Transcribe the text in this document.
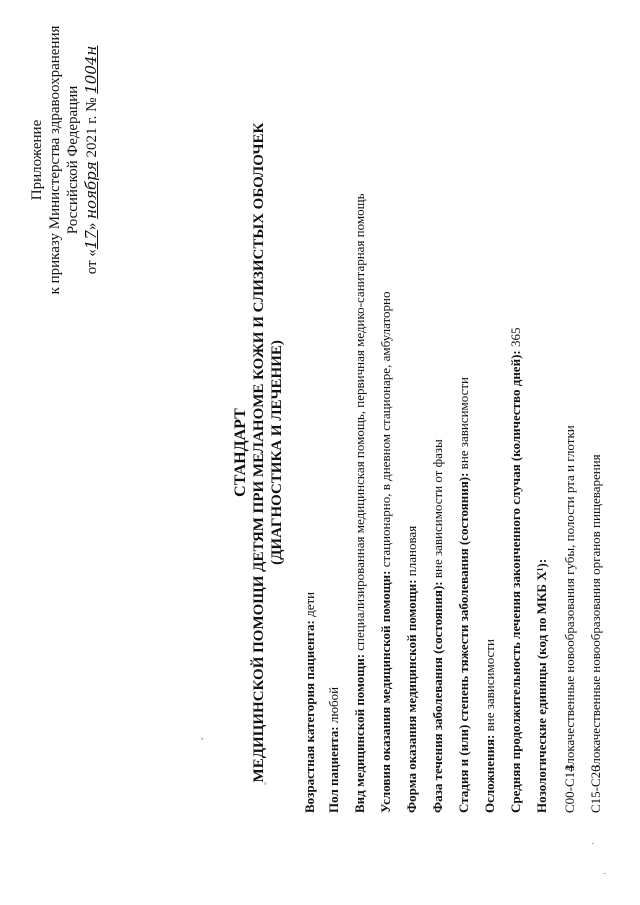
Приложение к приказу Министерства здравоохранения Российской Федерации
от «17» ноября 2021 г. № 1004н
СТАНДАРТ МЕДИЦИНСКОЙ ПОМОЩИ ДЕТЯМ ПРИ МЕЛАНОМЕ КОЖИ И СЛИЗИСТЫХ ОБОЛОЧЕК (ДИАГНОСТИКА И ЛЕЧЕНИЕ)
Возрастная категория пациента: дети
Пол пациента: любой Вид медицинской помощи: специализированная медицинская помощь, первичная медико-санитарная помощь
Условия оказания медицинской помощи: стационарно, в дневном стационаре, амбулаторно
Форма оказания медицинской помощи: плановая
Фаза течения заболевания (состояния): вне зависимости от фазы Стадия и (или) степень тяжести заболевания (состояния): вне зависимости
Осложнения: вне зависимости Средняя продолжительность лечения законченного случая (количество дней): 365
Нозологические единицы (код по МКБ X¹): C00-C14Злокачественные новообразования губы, полости рта и глотки
C15-C26Злокачественные новообразования органов пищеварения
◦
ᵛ
·
·
